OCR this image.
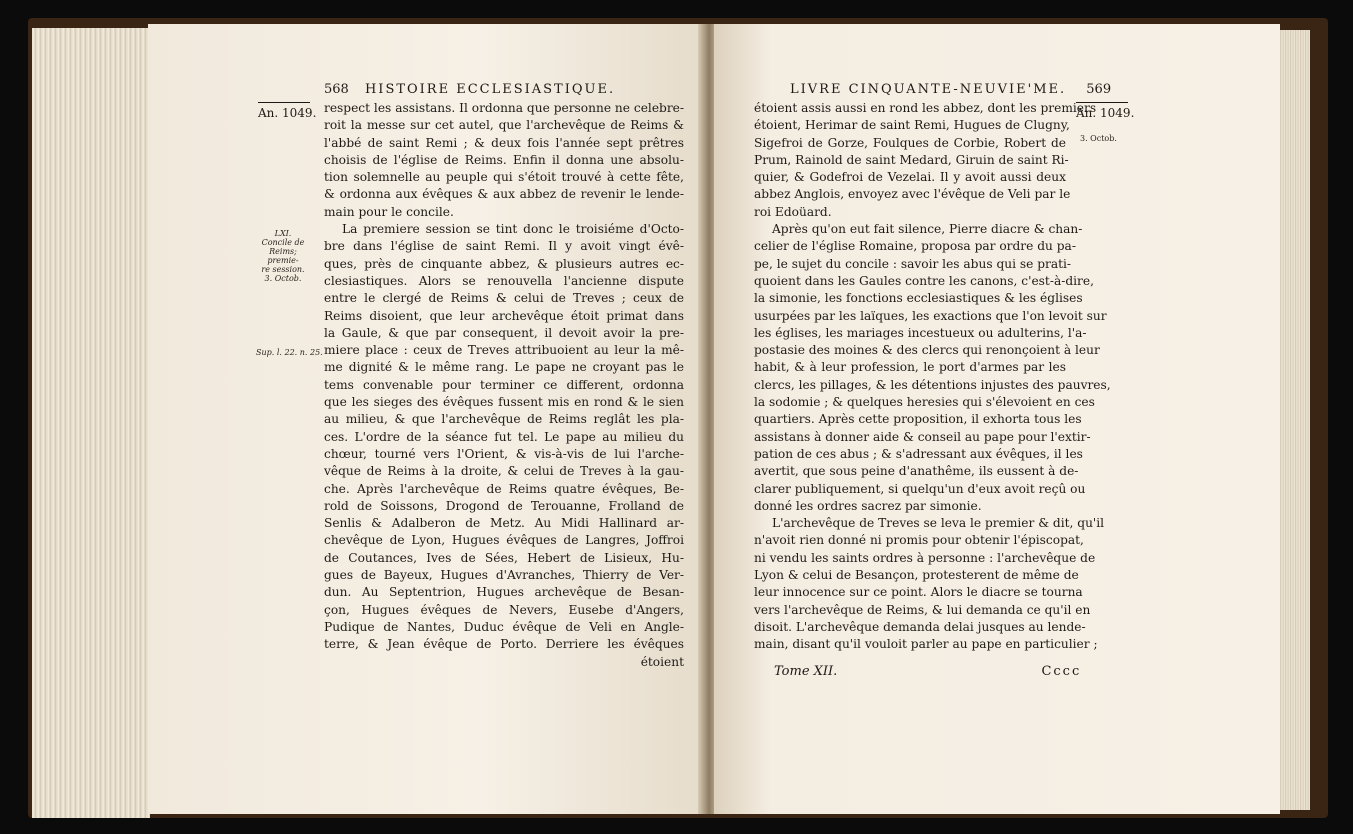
568 HISTOIRE ECCLESIASTIQUE.
An. 1049.
LXI.
Concile de
Reims; premie-
re session.
3. Octob.
Sup. l. 22. n. 25.
respect les assistans. Il ordonna que personne ne celebre-
roit la messe sur cet autel, que l'archevêque de Reims &
l'abbé de saint Remi ; & deux fois l'année sept prêtres
choisis de l'église de Reims. Enfin il donna une absolu-
tion solemnelle au peuple qui s'étoit trouvé à cette fête,
& ordonna aux évêques & aux abbez de revenir le lende-
main pour le concile.
La premiere session se tint donc le troisiéme d'Octo-
bre dans l'église de saint Remi. Il y avoit vingt évê-
ques, près de cinquante abbez, & plusieurs autres ec-
clesiastiques. Alors se renouvella l'ancienne dispute
entre le clergé de Reims & celui de Treves ; ceux de
Reims disoient, que leur archevêque étoit primat dans
la Gaule, & que par consequent, il devoit avoir la pre-
miere place : ceux de Treves attribuoient au leur la mê-
me dignité & le même rang. Le pape ne croyant pas le
tems convenable pour terminer ce different, ordonna
que les sieges des évêques fussent mis en rond & le sien
au milieu, & que l'archevêque de Reims reglât les pla-
ces. L'ordre de la séance fut tel. Le pape au milieu du
chœur, tourné vers l'Orient, & vis-à-vis de lui l'arche-
vêque de Reims à la droite, & celui de Treves à la gau-
che. Après l'archevêque de Reims quatre évêques, Be-
rold de Soissons, Drogond de Terouanne, Frolland de
Senlis & Adalberon de Metz. Au Midi Hallinard ar-
chevêque de Lyon, Hugues évêques de Langres, Joffroi
de Coutances, Ives de Sées, Hebert de Lisieux, Hu-
gues de Bayeux, Hugues d'Avranches, Thierry de Ver-
dun. Au Septentrion, Hugues archevêque de Besan-
çon, Hugues évêques de Nevers, Eusebe d'Angers,
Pudique de Nantes, Duduc évêque de Veli en Angle-
terre, & Jean évêque de Porto. Derriere les évêques
étoient
LIVRE CINQUANTE-NEUVIE'ME. 569
An. 1049.
3. Octob.
étoient assis aussi en rond les abbez, dont les premiers
étoient, Herimar de saint Remi, Hugues de Clugny,
Sigefroi de Gorze, Foulques de Corbie, Robert de
Prum, Rainold de saint Medard, Giruin de saint Ri-
quier, & Godefroi de Vezelai. Il y avoit aussi deux
abbez Anglois, envoyez avec l'évêque de Veli par le
roi Edoüard.
Après qu'on eut fait silence, Pierre diacre & chan-
celier de l'église Romaine, proposa par ordre du pa-
pe, le sujet du concile : savoir les abus qui se prati-
quoient dans les Gaules contre les canons, c'est-à-dire,
la simonie, les fonctions ecclesiastiques & les églises
usurpées par les laïques, les exactions que l'on levoit sur
les églises, les mariages incestueux ou adulterins, l'a-
postasie des moines & des clercs qui renonçoient à leur
habit, & à leur profession, le port d'armes par les
clercs, les pillages, & les détentions injustes des pauvres,
la sodomie ; & quelques heresies qui s'élevoient en ces
quartiers. Après cette proposition, il exhorta tous les
assistans à donner aide & conseil au pape pour l'extir-
pation de ces abus ; & s'adressant aux évêques, il les
avertit, que sous peine d'anathême, ils eussent à de-
clarer publiquement, si quelqu'un d'eux avoit reçû ou
donné les ordres sacrez par simonie.
L'archevêque de Treves se leva le premier & dit, qu'il
n'avoit rien donné ni promis pour obtenir l'épiscopat,
ni vendu les saints ordres à personne : l'archevêque de
Lyon & celui de Besançon, protesterent de même de
leur innocence sur ce point. Alors le diacre se tourna
vers l'archevêque de Reims, & lui demanda ce qu'il en
disoit. L'archevêque demanda delai jusques au lende-
main, disant qu'il vouloit parler au pape en particulier ;
Tome XII.	Cccc
